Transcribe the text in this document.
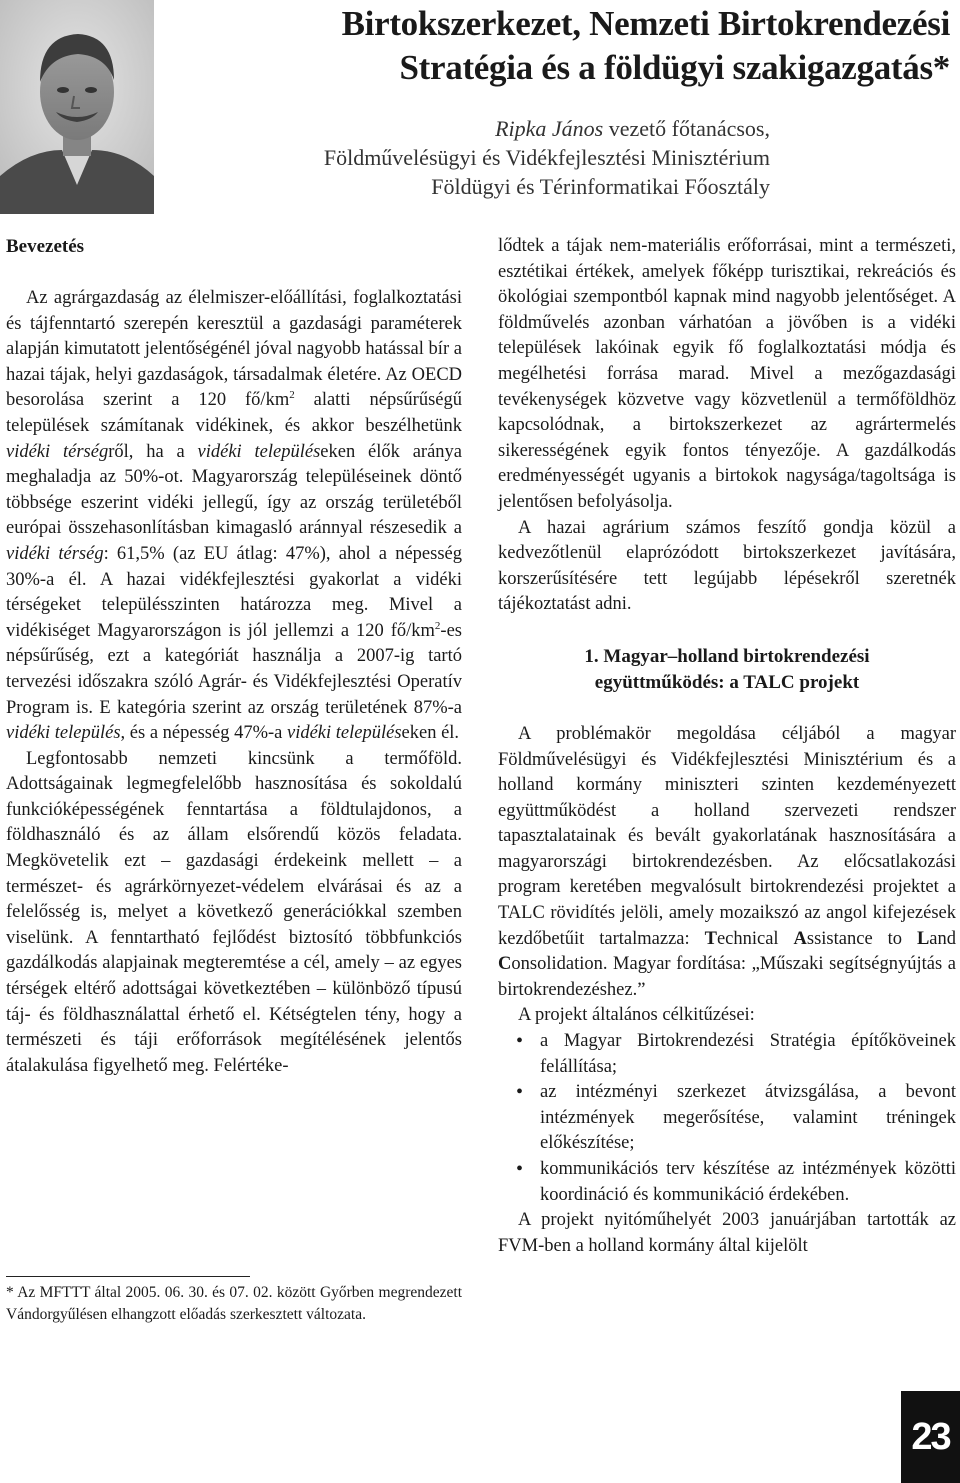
Birtokszerkezet, Nemzeti Birtokrendezési
Stratégia és a földügyi szakigazgatás*
Ripka János vezető főtanácsos,
Földművelésügyi és Vidékfejlesztési Minisztérium
Földügyi és Térinformatikai Főosztály

Bevezetés

Az agrárgazdaság az élelmiszer-előállítási, foglalkoztatási és tájfenntartó szerepén keresztül a gazdasági paraméterek alapján kimutatott jelentőségénél jóval nagyobb hatással bír a hazai tájak, helyi gazdaságok, társadalmak életére. Az OECD besorolása szerint a 120 $fő/km^2$ alatti népsűrűségű települések számítanak vidékinek, és akkor beszélhetünk vidéki térségről, ha a vidéki településeken élők aránya meghaladja az 50%-ot. Magyarország településeinek döntő többsége eszerint vidéki jellegű, így az ország területéből európai összehasonlításban kimagasló aránnyal részesedik a vidéki térség: 61,5% (az EU átlag: 47%), ahol a népesség 30%-a él. A hazai vidékfejlesztési gyakorlat a vidéki térségeket településszinten határozza meg. Mivel a vidékiséget Magyarországon is jól jellemzi a 120 $fő/km^2-es$ népsűrűség, ezt a kategóriát használja a 2007-ig tartó tervezési időszakra szóló Agrár- és Vidékfejlesztési Operatív Program is. E kategória szerint az ország területének 87%-a vidéki település, és a népesség 47%-a vidéki településeken él.

Legfontosabb nemzeti kincsünk a termőföld. Adottságainak legmegfelelőbb hasznosítása és sokoldalú funkcióképességének fenntartása a földtulajdonos, a földhasználó és az állam elsőrendű közös feladata. Megkövetelik ezt – gazdasági érdekeink mellett – a természet- és agrárkörnyezet-védelem elvárásai és az a felelősség is, melyet a következő generációkkal szemben viselünk. A fenntartható fejlődést biztosító többfunkciós gazdálkodás alapjainak megteremtése a cél, amely – az egyes térségek eltérő adottságai következtében – különböző típusú táj- és földhasználattal érhető el. Kétségtelen tény, hogy a természeti és táji erőforrások megítélésének jelentős átalakulása figyelhető meg. Felértéke-

* Az MFTTT által 2005. 06. 30. és 07. 02. között Győrben megrendezett Vándorgyűlésen elhangzott előadás szerkesztett változata.

lődtek a tájak nem-materiális erőforrásai, mint a természeti, esztétikai értékek, amelyek főképp turisztikai, rekreációs és ökológiai szempontból kapnak mind nagyobb jelentőséget. A földművelés azonban várhatóan a jövőben is a vidéki települések lakóinak egyik fő foglalkoztatási módja és megélhetési forrása marad. Mivel a mezőgazdasági tevékenységek közvetve vagy közvetlenül a termőföldhöz kapcsolódnak, a birtokszerkezet az agrártermelés sikerességének egyik fontos tényezője. A gazdálkodás eredményességét ugyanis a birtokok nagysága/tagoltsága is jelentősen befolyásolja.

A hazai agrárium számos feszítő gondja közül a kedvezőtlenül elaprózódott birtokszerkezet javítására, korszerűsítésére tett legújabb lépésekről szeretnék tájékoztatást adni.

1. Magyar–holland birtokrendezési

együttműködés: a TALC projekt

A problémakör megoldása céljából a magyar Földművelésügyi és Vidékfejlesztési Minisztérium és a holland kormány miniszteri szinten kezdeményezett együttműködést a holland szervezeti rendszer tapasztalatainak és bevált gyakorlatának hasznosítására a magyarországi birtokrendezésben. Az előcsatlakozási program keretében megvalósult birtokrendezési projektet a TALC rövidítés jelöli, amely mozaikszó az angol kifejezések kezdőbetűit tartalmazza: Technical Assistance to Land Consolidation. Magyar fordítása: „Műszaki segítségnyújtás a birtokrendezéshez.”

A projekt általános célkitűzései:

• a Magyar Birtokrendezési Stratégia építőköveinek felállítása;
• az intézményi szerkezet átvizsgálása, a bevont intézmények megerősítése, valamint tréningek előkészítése;
• kommunikációs terv készítése az intézmények közötti koordináció és kommunikáció érdekében.

A projekt nyitóműhelyét 2003 januárjában tartották az FVM-ben a holland kormány által kijelölt

23
